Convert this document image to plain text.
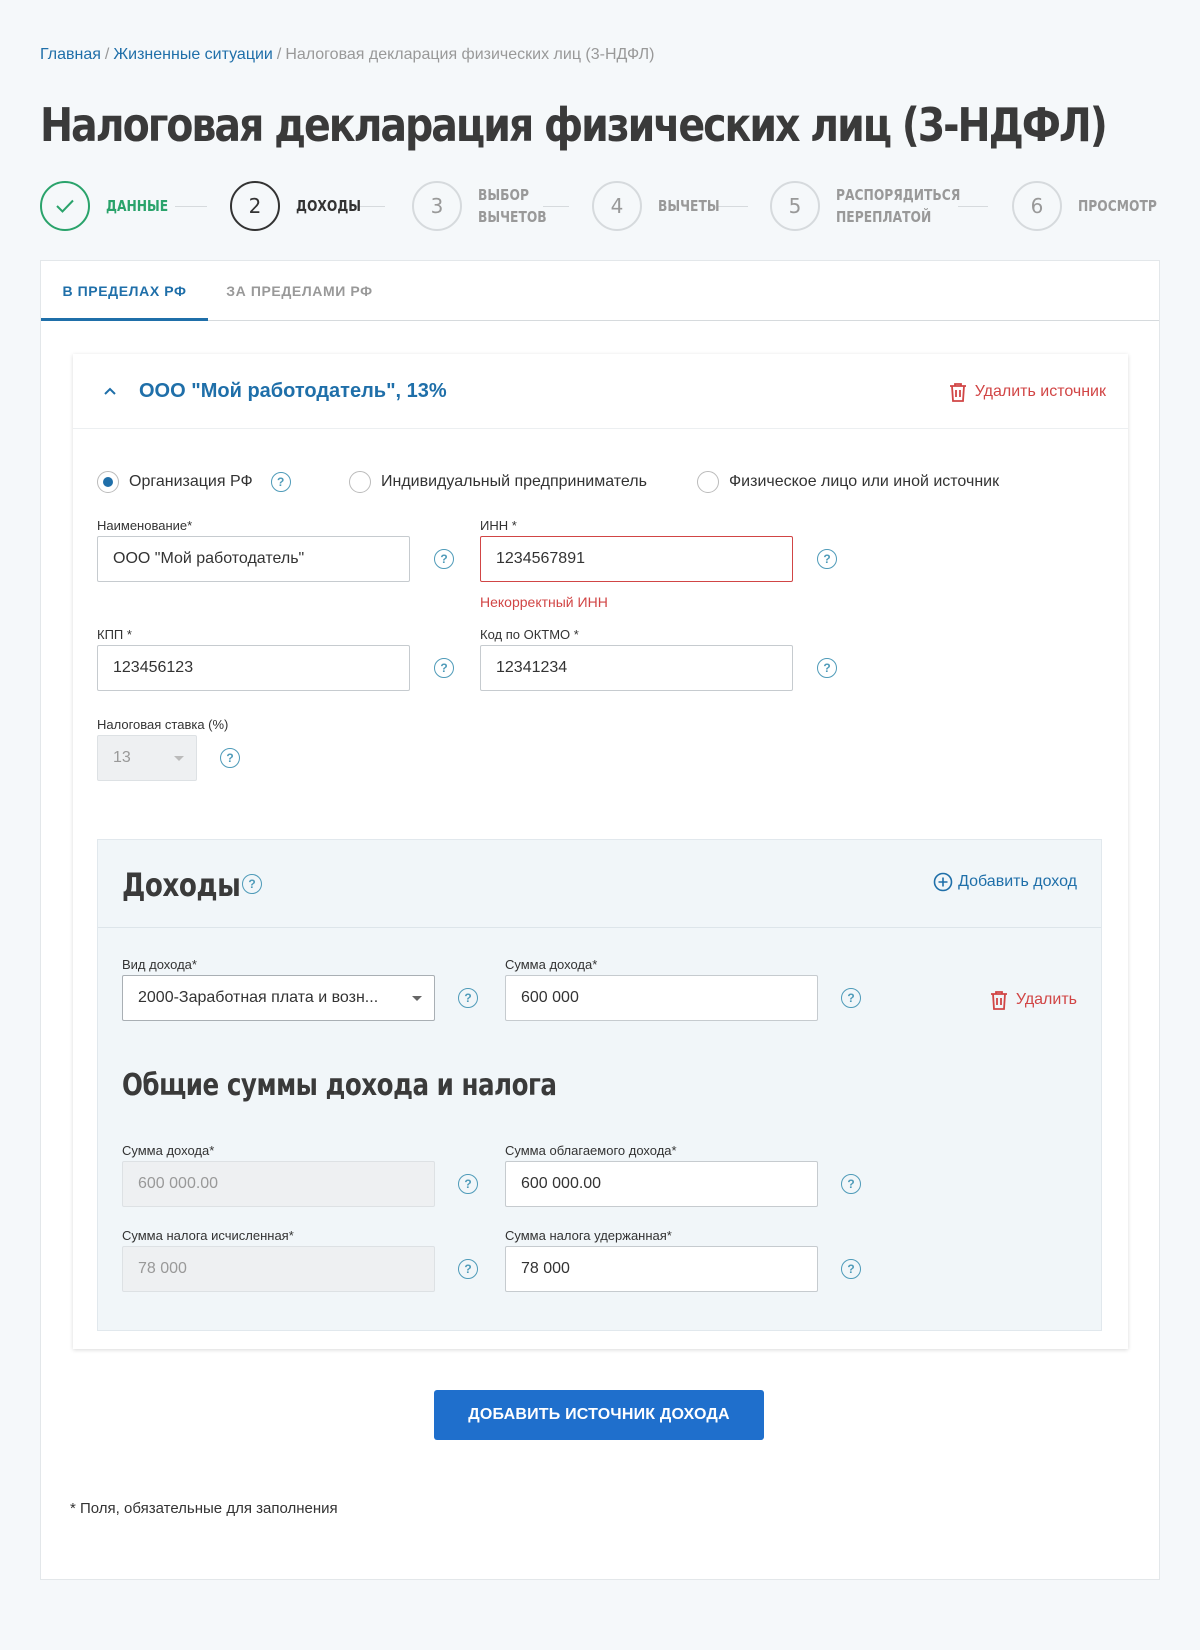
Главная / Жизненные ситуации / Налоговая декларация физических лиц (3-НДФЛ)
Налоговая декларация физических лиц (3-НДФЛ)
ДАННЫЕ	2	ДОХОДЫ	3	ВЫБОР
ВЫЧЕТОВ	4	ВЫЧЕТЫ	5	РАСПОРЯДИТЬСЯ
ПЕРЕПЛАТОЙ	6	ПРОСМОТР
В ПРЕДЕЛАХ РФ	ЗА ПРЕДЕЛАМИ РФ
ООО "Мой работодатель", 13%	Удалить источник
Организация РФ	?	Индивидуальный предприниматель	Физическое лицо или иной источник
Наименование*
ООО "Мой работодатель"	?
ИНН *
1234567891	?
Некорректный ИНН
КПП *
123456123	?
Код по ОКТМО *
12341234	?
Налоговая ставка (%)
13	?
Доходы ?	Добавить доход
Вид дохода*
2000-Заработная плата и возн...	?
Сумма дохода*
600 000	?	Удалить
Общие суммы дохода и налога
Сумма дохода*
600 000.00	?
Сумма облагаемого дохода*
600 000.00	?
Сумма налога исчисленная*
78 000	?
Сумма налога удержанная*
78 000	?
ДОБАВИТЬ ИСТОЧНИК ДОХОДА
* Поля, обязательные для заполнения
